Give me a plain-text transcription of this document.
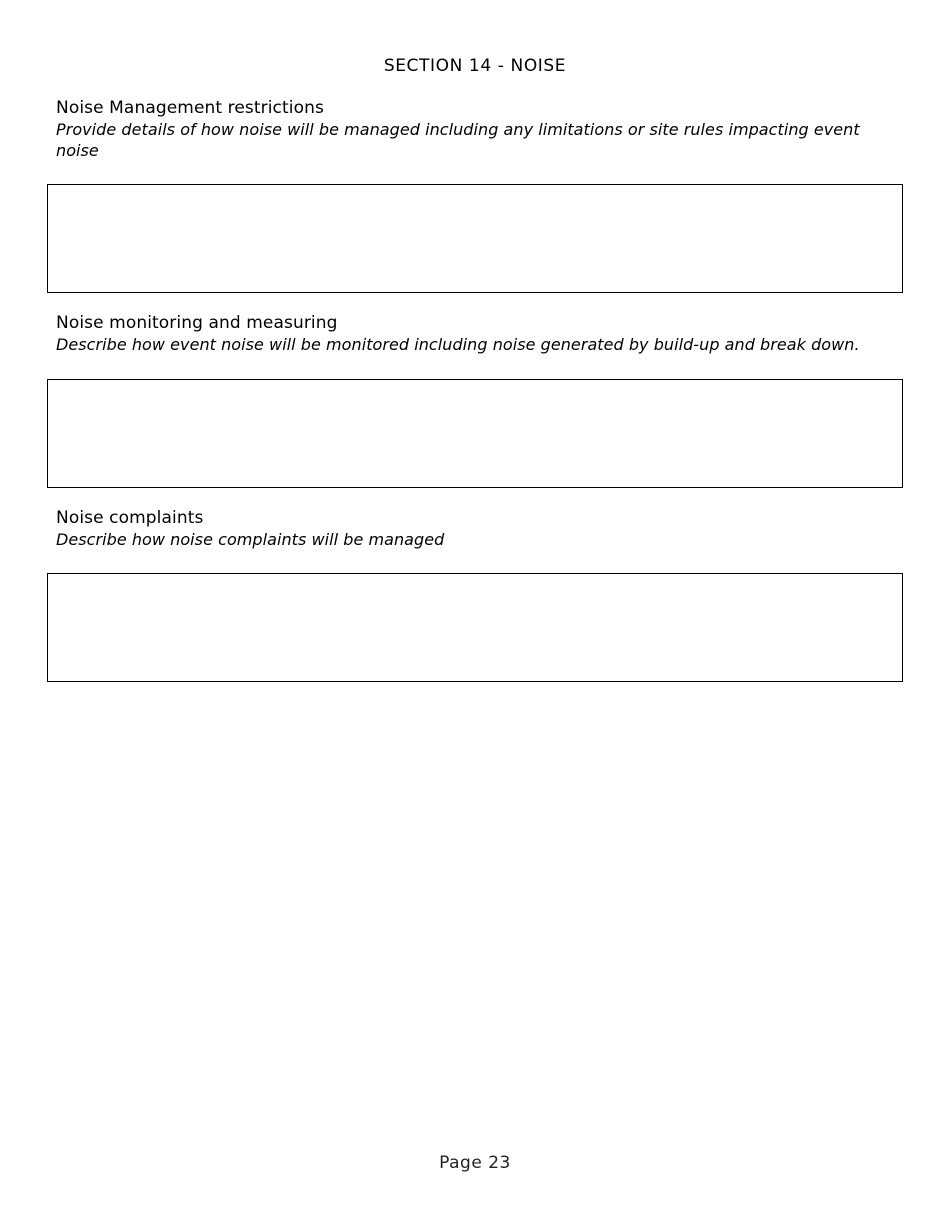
SECTION 14 - NOISE
Noise Management restrictions
Provide details of how noise will be managed including any limitations or site rules impacting event noise
Noise monitoring and measuring
Describe how event noise will be monitored including noise generated by build-up and break down.
Noise complaints
Describe how noise complaints will be managed
Page 23
